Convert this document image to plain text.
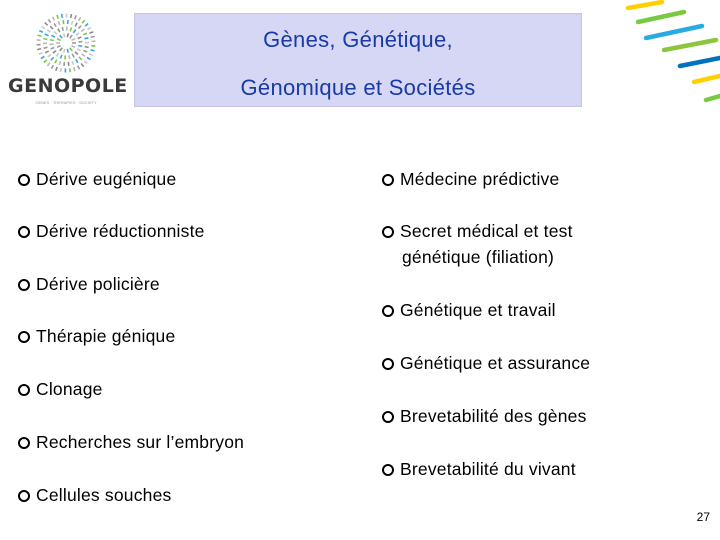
GENOPOLE
GENES · THERAPIES · SOCIETY
Gènes, Génétique,
Génomique et Sociétés
Dérive eugénique
Dérive réductionniste
Dérive policière
Thérapie génique
Clonage
Recherches sur l’embryon
Cellules souches
Médecine prédictive
Secret médical et test
génétique (filiation)
Génétique et travail
Génétique et assurance
Brevetabilité des gènes
Brevetabilité du vivant
27
